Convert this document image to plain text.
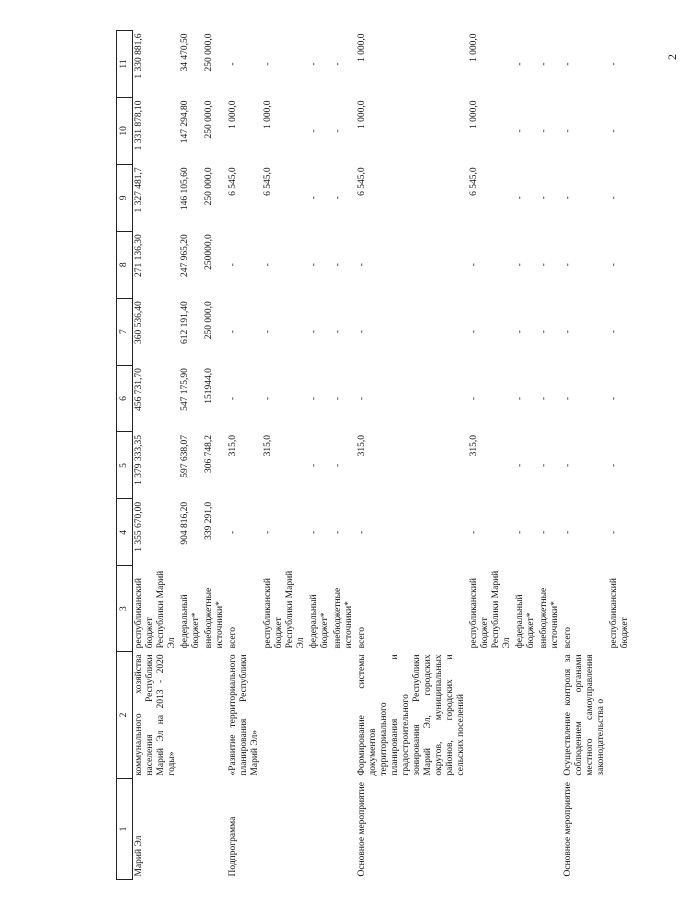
2
1	2	3	4	5	6	7	8	9	10	11
Марий Эл	коммунального хозяйства населения Республики Марий Эл на 2013 - 2020 годы»	республиканский бюджет Республики Марий Эл	1 355 670,00	1 379 333,35	456 731,70	360 536,40	271 136,30	1 327 481,7	1 331 878,10	1 330 881,6
		федеральный бюджет*	904 816,20	597 638,07	547 175,90	612 191,40	247 965,20	146 105,60	147 294,80	34 470,50
		внебюджетные источники*	339 291,0	306 748,2	151944,0	250 000,0	250000,0	250 000,0	250 000,0	250 000,0
Подпрограмма	«Развитие территориального планирования Республики Марий Эл»	всего	-	315,0	-	-	-	6 545,0	1 000,0	-
		республиканский бюджет Республики Марий Эл	-	315,0	-	-	-	6 545,0	1 000,0	-
		федеральный бюджет*	-	-	-	-	-	-	-	-
		внебюджетные источники*	-	-	-	-	-	-	-	-
Основное мероприятие	Формирование системы документов территориального планирования и градостроительного зонирования Республики Марий Эл, городских округов, муниципальных районов, городских и сельских поселений	всего	-	315,0	-	-	-	6 545,0	1 000,0	1 000,0
		республиканский бюджет Республики Марий Эл	-	315,0	-	-	-	6 545,0	1 000,0	1 000,0
		федеральный бюджет*	-	-	-	-	-	-	-	-
		внебюджетные источники*	-	-	-	-	-	-	-	-
Основное мероприятие	Осуществление контроля за соблюдением органами местного самоуправления законодательства о	всего	-	-	-	-	-	-	-	-
		республиканский бюджет	-	-	-	-	-	-	-	-
